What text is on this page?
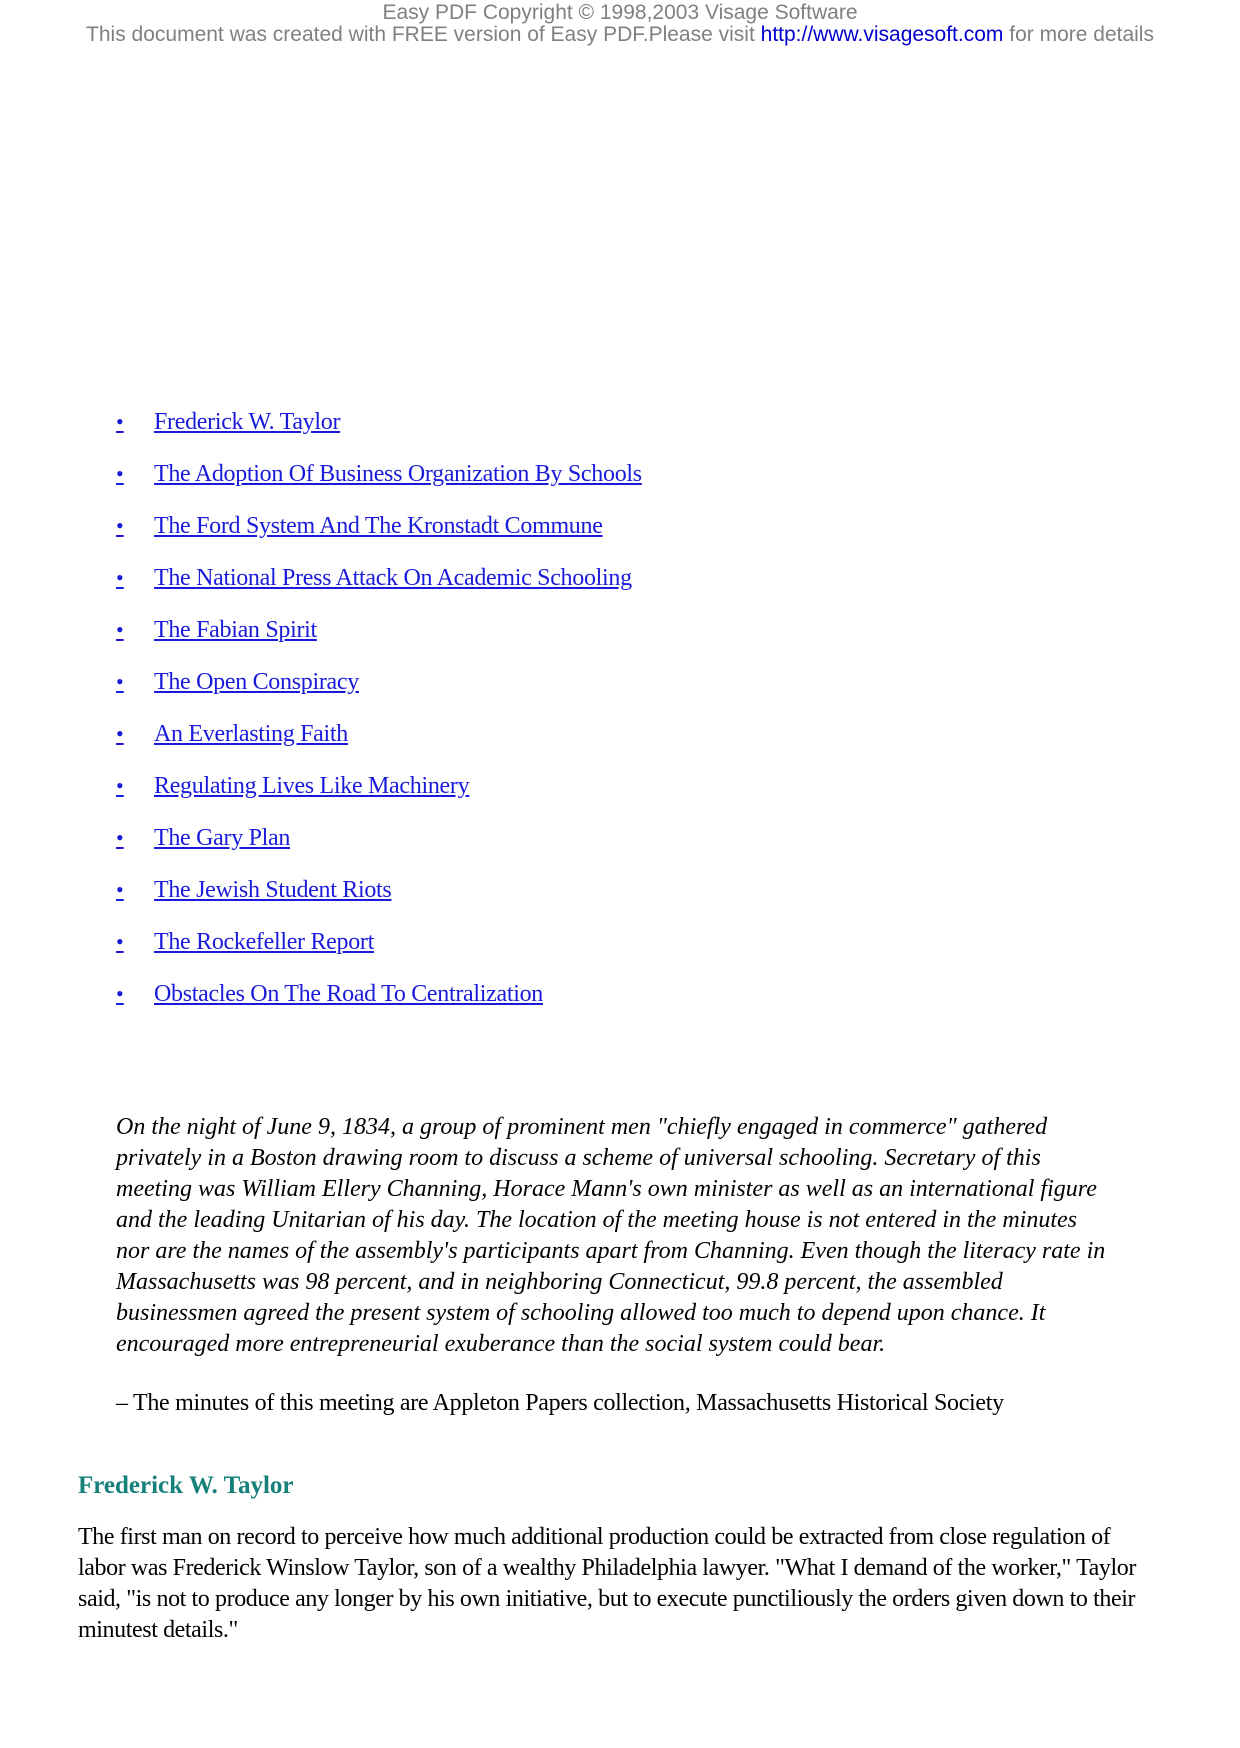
Easy PDF Copyright © 1998,2003 Visage Software
This document was created with FREE version of Easy PDF.Please visit http://www.visagesoft.com for more details
• Frederick W. Taylor
• The Adoption Of Business Organization By Schools
• The Ford System And The Kronstadt Commune
• The National Press Attack On Academic Schooling
• The Fabian Spirit
• The Open Conspiracy
• An Everlasting Faith
• Regulating Lives Like Machinery
• The Gary Plan
• The Jewish Student Riots
• The Rockefeller Report
• Obstacles On The Road To Centralization

On the night of June 9, 1834, a group of prominent men "chiefly engaged in commerce" gathered privately in a Boston drawing room to discuss a scheme of universal schooling. Secretary of this meeting was William Ellery Channing, Horace Mann's own minister as well as an international figure and the leading Unitarian of his day. The location of the meeting house is not entered in the minutes nor are the names of the assembly's participants apart from Channing. Even though the literacy rate in Massachusetts was 98 percent, and in neighboring Connecticut, 99.8 percent, the assembled businessmen agreed the present system of schooling allowed too much to depend upon chance. It encouraged more entrepreneurial exuberance than the social system could bear.

– The minutes of this meeting are Appleton Papers collection, Massachusetts Historical Society

Frederick W. Taylor

The first man on record to perceive how much additional production could be extracted from close regulation of labor was Frederick Winslow Taylor, son of a wealthy Philadelphia lawyer. "What I demand of the worker," Taylor said, "is not to produce any longer by his own initiative, but to execute punctiliously the orders given down to their minutest details."
